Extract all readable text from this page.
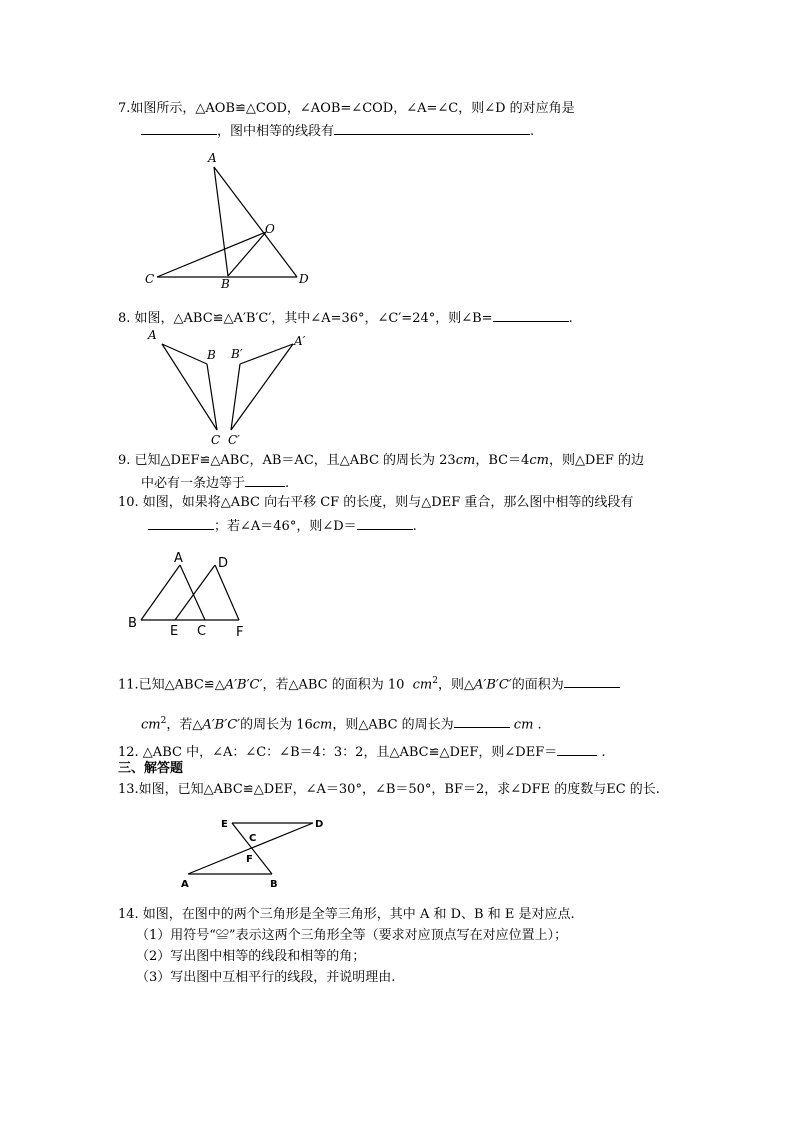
7.如图所示，△AOB≌△COD，∠AOB=∠COD，∠A=∠C，则∠D 的对应角是
，图中相等的线段有	.
A
O
C	B	D
A
B B′
A′
C C′
A	D
B
E C F
E	D
C
F
A	B
8. 如图，△ABC≌△A′B′C′，其中∠A=36°，∠C′=24°，则∠B=	.
9. 已知△DEF≌△ABC，AB＝AC，且△ABC 的周长为 23cm，BC＝4cm，则△DEF 的边
中必有一条边等于	.
10. 如图，如果将△ABC 向右平移 CF 的长度，则与△DEF 重合，那么图中相等的线段有
；若∠A＝46°，则∠D＝	.
11.已知△ABC≌△A′B′C′，若△ABC 的面积为 10 $cm^2$，则△A′B′C′的面积为
$cm^2$，若△A′B′C′的周长为 16cm，则△ABC 的周长为	cm .
12. △ABC 中，∠A：∠C：∠B＝4：3：2，且△ABC≌△DEF，则∠DEF＝	.
三、解答题
13.如图，已知△ABC≌△DEF，∠A＝30°，∠B＝50°，BF＝2，求∠DFE 的度数与EC 的长.
14. 如图，在图中的两个三角形是全等三角形，其中 A 和 D、B 和 E 是对应点.
（1）用符号“≌”表示这两个三角形全等（要求对应顶点写在对应位置上）；
（2）写出图中相等的线段和相等的角；
（3）写出图中互相平行的线段，并说明理由.
